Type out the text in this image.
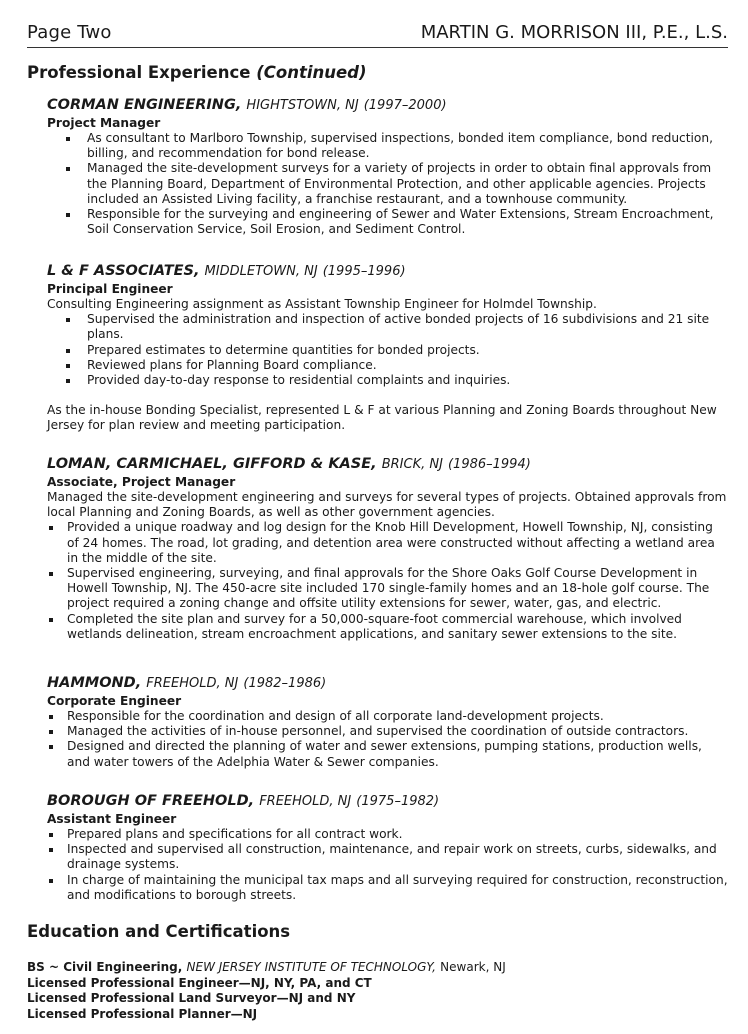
Page Two	MARTIN G. MORRISON III, P.E., L.S.
Professional Experience (Continued)
CORMAN ENGINEERING, HIGHTSTOWN, NJ (1997–2000)
Project Manager
As consultant to Marlboro Township, supervised inspections, bonded item compliance, bond reduction, billing, and recommendation for bond release.
Managed the site-development surveys for a variety of projects in order to obtain final approvals from the Planning Board, Department of Environmental Protection, and other applicable agencies. Projects included an Assisted Living facility, a franchise restaurant, and a townhouse community.
Responsible for the surveying and engineering of Sewer and Water Extensions, Stream Encroachment, Soil Conservation Service, Soil Erosion, and Sediment Control.
L & F ASSOCIATES, MIDDLETOWN, NJ (1995–1996)
Principal Engineer

Consulting Engineering assignment as Assistant Township Engineer for Holmdel Township.

Supervised the administration and inspection of active bonded projects of 16 subdivisions and 21 site plans.
Prepared estimates to determine quantities for bonded projects.
Reviewed plans for Planning Board compliance.
Provided day-to-day response to residential complaints and inquiries.

As the in-house Bonding Specialist, represented L & F at various Planning and Zoning Boards throughout New Jersey for plan review and meeting participation.

LOMAN, CARMICHAEL, GIFFORD & KASE, BRICK, NJ (1986–1994)
Associate, Project Manager

Managed the site-development engineering and surveys for several types of projects. Obtained approvals from local Planning and Zoning Boards, as well as other government agencies.

Provided a unique roadway and log design for the Knob Hill Development, Howell Township, NJ, consisting of 24 homes. The road, lot grading, and detention area were constructed without affecting a wetland area in the middle of the site.
Supervised engineering, surveying, and final approvals for the Shore Oaks Golf Course Development in Howell Township, NJ. The 450-acre site included 170 single-family homes and an 18-hole golf course. The project required a zoning change and offsite utility extensions for sewer, water, gas, and electric.
Completed the site plan and survey for a 50,000-square-foot commercial warehouse, which involved wetlands delineation, stream encroachment applications, and sanitary sewer extensions to the site.
HAMMOND, FREEHOLD, NJ (1982–1986)
Corporate Engineer
Responsible for the coordination and design of all corporate land-development projects.
Managed the activities of in-house personnel, and supervised the coordination of outside contractors.
Designed and directed the planning of water and sewer extensions, pumping stations, production wells, and water towers of the Adelphia Water & Sewer companies.
BOROUGH OF FREEHOLD, FREEHOLD, NJ (1975–1982)
Assistant Engineer
Prepared plans and specifications for all contract work.
Inspected and supervised all construction, maintenance, and repair work on streets, curbs, sidewalks, and drainage systems.
In charge of maintaining the municipal tax maps and all surveying required for construction, reconstruction, and modifications to borough streets.
Education and Certifications
BS ~ Civil Engineering, NEW JERSEY INSTITUTE OF TECHNOLOGY, Newark, NJ
Licensed Professional Engineer—NJ, NY, PA, and CT
Licensed Professional Land Surveyor—NJ and NY
Licensed Professional Planner—NJ
